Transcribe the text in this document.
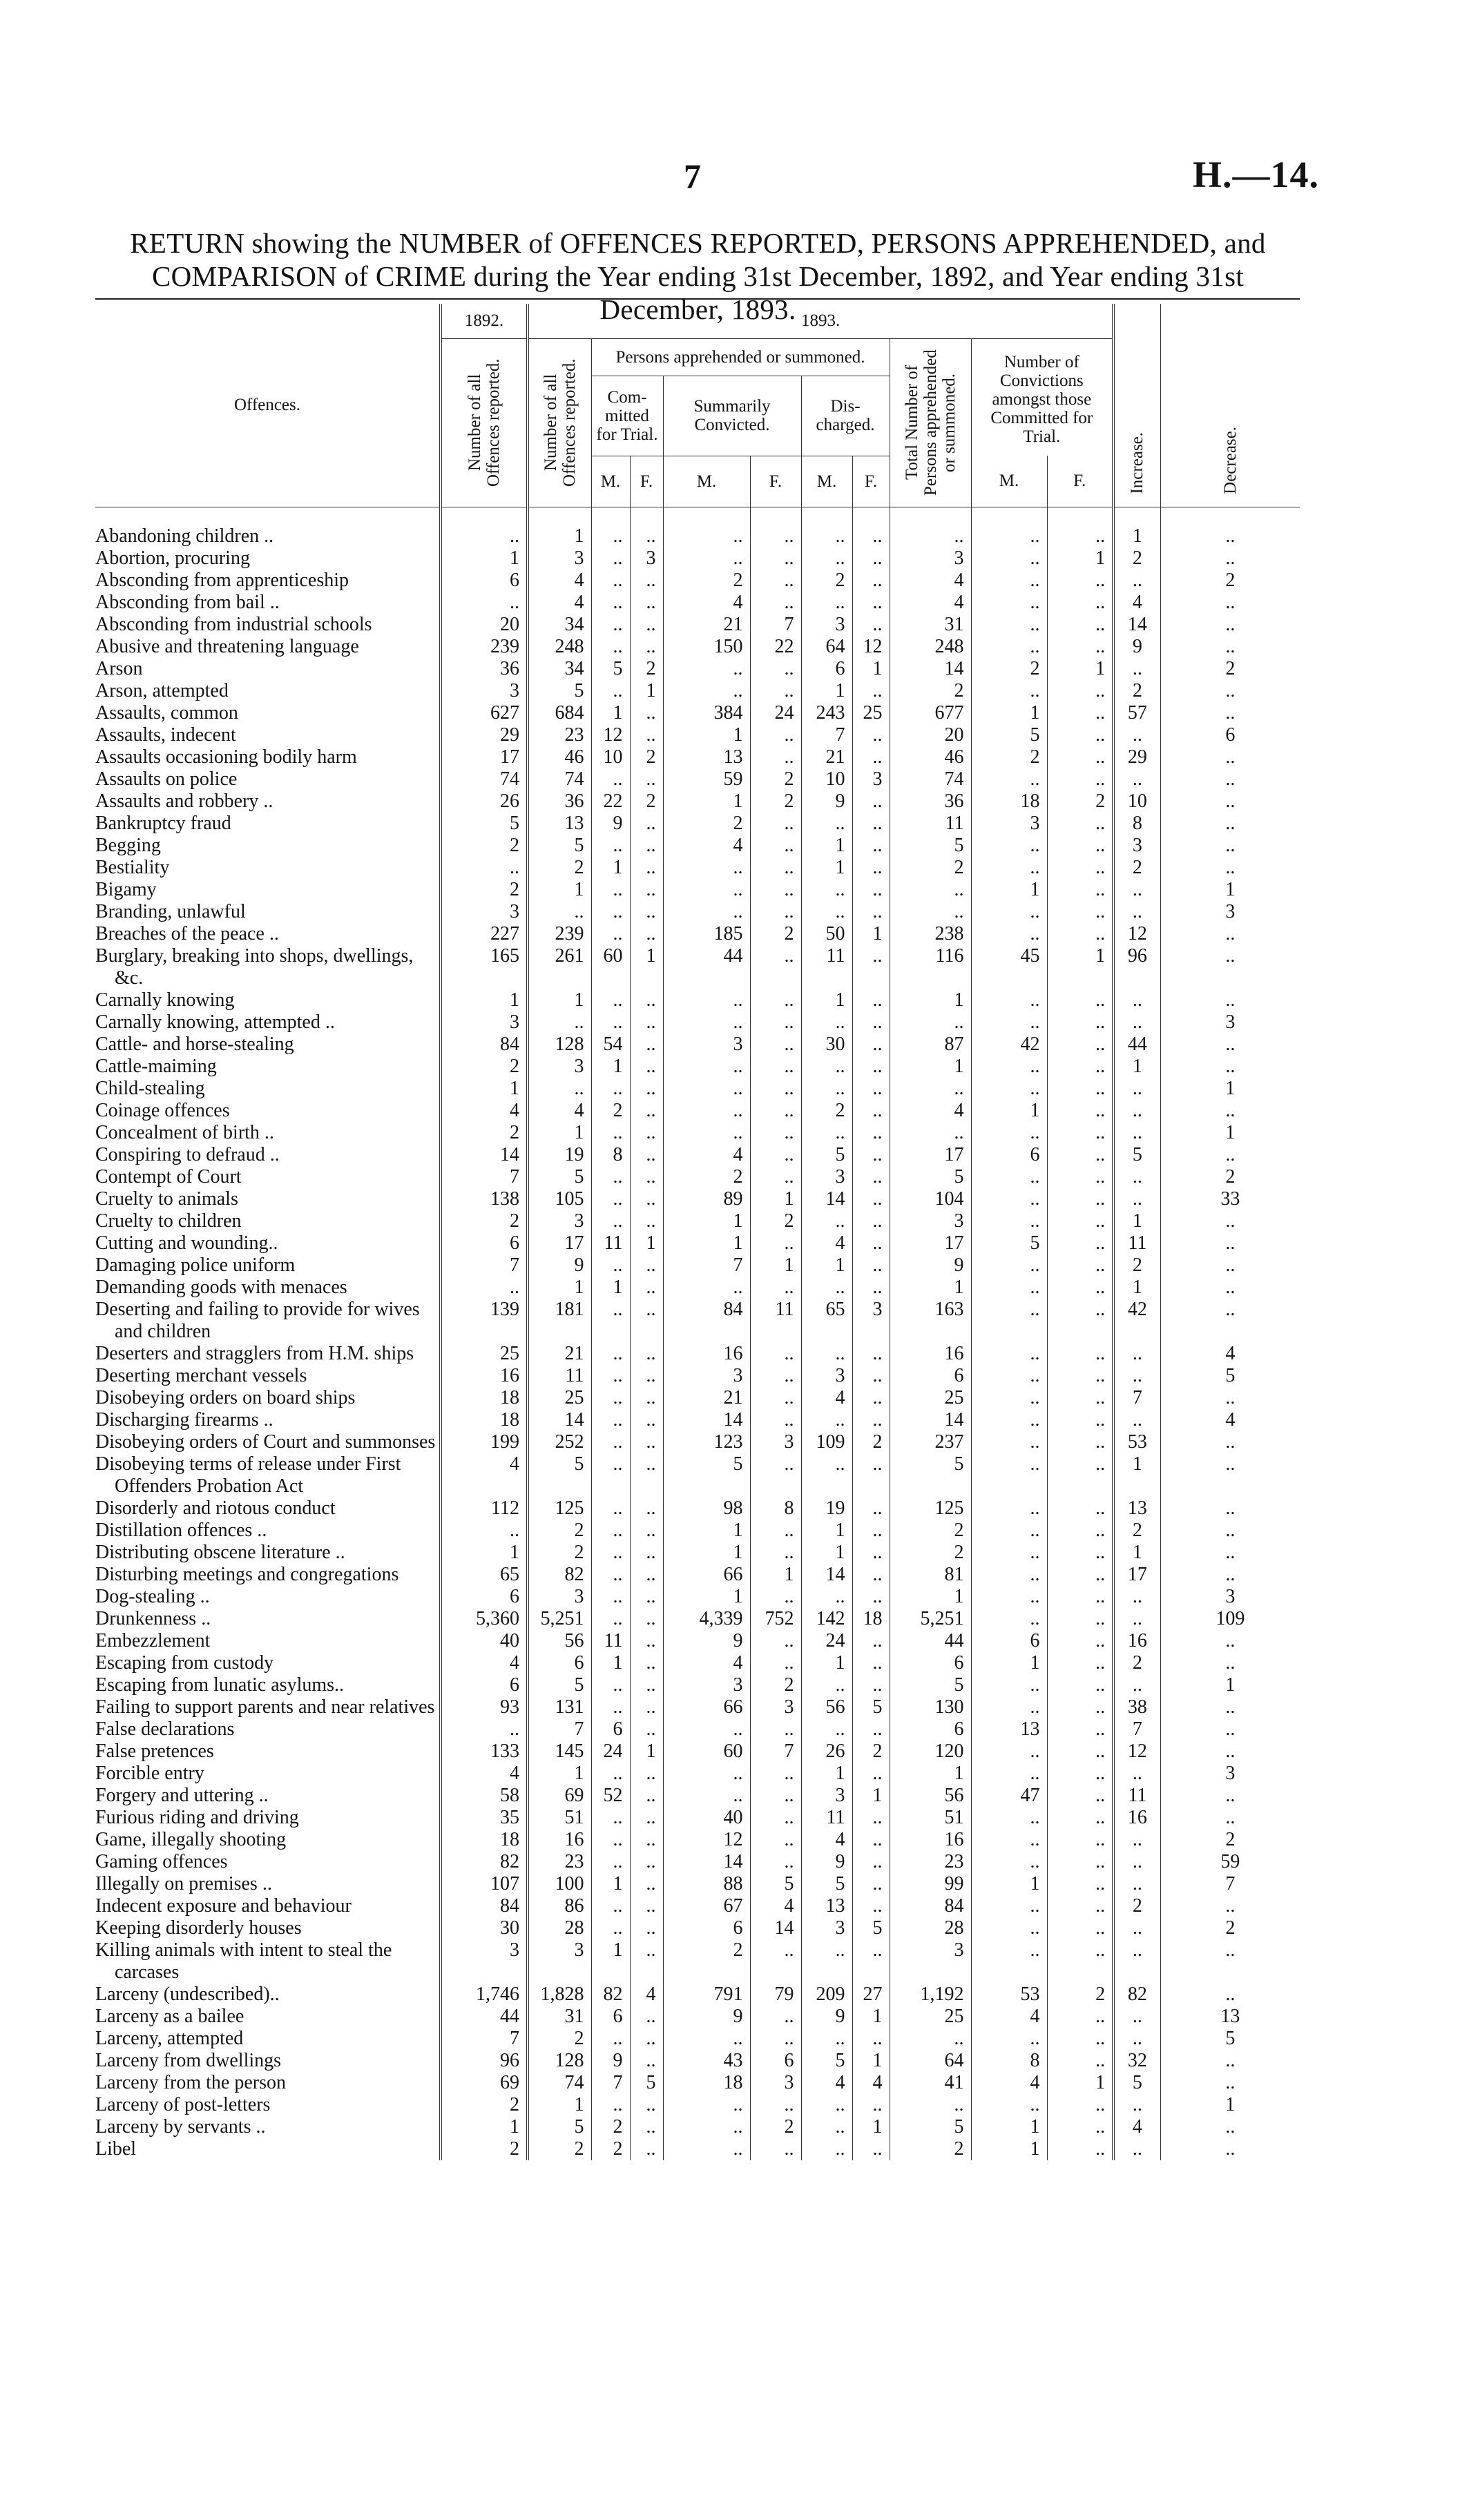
7	H.—14.
RETURN showing the NUMBER of OFFENCES REPORTED, PERSONS APPREHENDED, and COMPARISON of CRIME during the Year ending 31st December, 1892, and Year ending 31st December, 1893.
Offences.	1892.	1893.										Increase.	Decrease.

	Number of all Offences reported.	Number of all Offences reported.	Persons apprehended or summoned.						Total Number of Persons apprehended or summoned.	Number of Convictions amongst those Committed for Trial.			
			Com- mitted for Trial.		Summarily Convicted.		Dis- charged.						
			M.	F.	M.	F.	M.	F.		M.	F.		

Abandoning children ..	..	1	..	..	..	..	..	..	..	..	..	1	..

Abortion, procuring	1	3	..	3	..	..	..	..	3	..	1	2	..

Absconding from apprenticeship	6	4	..	..	2	..	2	..	4	..	..	..	2

Absconding from bail ..	..	4	..	..	4	..	..	..	4	..	..	4	..

Absconding from industrial schools	20	34	..	..	21	7	3	..	31	..	..	14	..

Abusive and threatening language	239	248	..	..	150	22	64	12	248	..	..	9	..

Arson	36	34	5	2	..	..	6	1	14	2	1	..	2

Arson, attempted	3	5	..	1	..	..	1	..	2	..	..	2	..

Assaults, common	627	684	1	..	384	24	243	25	677	1	..	57	..

Assaults, indecent	29	23	12	..	1	..	7	..	20	5	..	..	6

Assaults occasioning bodily harm	17	46	10	2	13	..	21	..	46	2	..	29	..

Assaults on police	74	74	..	..	59	2	10	3	74	..	..	..	..

Assaults and robbery ..	26	36	22	2	1	2	9	..	36	18	2	10	..

Bankruptcy fraud	5	13	9	..	2	..	..	..	11	3	..	8	..

Begging	2	5	..	..	4	..	1	..	5	..	..	3	..

Bestiality	..	2	1	..	..	..	1	..	2	..	..	2	..

Bigamy	2	1	..	..	..	..	..	..	..	1	..	..	1

Branding, unlawful	3	..	..	..	..	..	..	..	..	..	..	..	3

Breaches of the peace ..	227	239	..	..	185	2	50	1	238	..	..	12	..

Burglary, breaking into shops, dwellings, &c.	165	261	60	1	44	..	11	..	116	45	1	96	..

Carnally knowing	1	1	..	..	..	..	1	..	1	..	..	..	..

Carnally knowing, attempted ..	3	..	..	..	..	..	..	..	..	..	..	..	3

Cattle- and horse-stealing	84	128	54	..	3	..	30	..	87	42	..	44	..

Cattle-maiming	2	3	1	..	..	..	..	..	1	..	..	1	..

Child-stealing	1	..	..	..	..	..	..	..	..	..	..	..	1

Coinage offences	4	4	2	..	..	..	2	..	4	1	..	..	..

Concealment of birth ..	2	1	..	..	..	..	..	..	..	..	..	..	1

Conspiring to defraud ..	14	19	8	..	4	..	5	..	17	6	..	5	..

Contempt of Court	7	5	..	..	2	..	3	..	5	..	..	..	2

Cruelty to animals	138	105	..	..	89	1	14	..	104	..	..	..	33

Cruelty to children	2	3	..	..	1	2	..	..	3	..	..	1	..

Cutting and wounding..	6	17	11	1	1	..	4	..	17	5	..	11	..

Damaging police uniform	7	9	..	..	7	1	1	..	9	..	..	2	..

Demanding goods with menaces	..	1	1	..	..	..	..	..	1	..	..	1	..

Deserting and failing to provide for wives and children	139	181	..	..	84	11	65	3	163	..	..	42	..

Deserters and stragglers from H.M. ships	25	21	..	..	16	..	..	..	16	..	..	..	4

Deserting merchant vessels	16	11	..	..	3	..	3	..	6	..	..	..	5

Disobeying orders on board ships	18	25	..	..	21	..	4	..	25	..	..	7	..

Discharging firearms ..	18	14	..	..	14	..	..	..	14	..	..	..	4

Disobeying orders of Court and summonses	199	252	..	..	123	3	109	2	237	..	..	53	..

Disobeying terms of release under First Offenders Probation Act	4	5	..	..	5	..	..	..	5	..	..	1	..

Disorderly and riotous conduct	112	125	..	..	98	8	19	..	125	..	..	13	..

Distillation offences ..	..	2	..	..	1	..	1	..	2	..	..	2	..

Distributing obscene literature ..	1	2	..	..	1	..	1	..	2	..	..	1	..

Disturbing meetings and congregations	65	82	..	..	66	1	14	..	81	..	..	17	..

Dog-stealing ..	6	3	..	..	1	..	..	..	1	..	..	..	3

Drunkenness ..	5,360	5,251	..	..	4,339	752	142	18	5,251	..	..	..	109

Embezzlement	40	56	11	..	9	..	24	..	44	6	..	16	..

Escaping from custody	4	6	1	..	4	..	1	..	6	1	..	2	..

Escaping from lunatic asylums..	6	5	..	..	3	2	..	..	5	..	..	..	1

Failing to support parents and near relatives	93	131	..	..	66	3	56	5	130	..	..	38	..

False declarations	..	7	6	..	..	..	..	..	6	13	..	7	..

False pretences	133	145	24	1	60	7	26	2	120	..	..	12	..

Forcible entry	4	1	..	..	..	..	1	..	1	..	..	..	3

Forgery and uttering ..	58	69	52	..	..	..	3	1	56	47	..	11	..

Furious riding and driving	35	51	..	..	40	..	11	..	51	..	..	16	..

Game, illegally shooting	18	16	..	..	12	..	4	..	16	..	..	..	2

Gaming offences	82	23	..	..	14	..	9	..	23	..	..	..	59

Illegally on premises ..	107	100	1	..	88	5	5	..	99	1	..	..	7

Indecent exposure and behaviour	84	86	..	..	67	4	13	..	84	..	..	2	..

Keeping disorderly houses	30	28	..	..	6	14	3	5	28	..	..	..	2

Killing animals with intent to steal the carcases	3	3	1	..	2	..	..	..	3	..	..	..	..

Larceny (undescribed)..	1,746	1,828	82	4	791	79	209	27	1,192	53	2	82	..

Larceny as a bailee	44	31	6	..	9	..	9	1	25	4	..	..	13

Larceny, attempted	7	2	..	..	..	..	..	..	..	..	..	..	5

Larceny from dwellings	96	128	9	..	43	6	5	1	64	8	..	32	..

Larceny from the person	69	74	7	5	18	3	4	4	41	4	1	5	..

Larceny of post-letters	2	1	..	..	..	..	..	..	..	..	..	..	1

Larceny by servants ..	1	5	2	..	..	2	..	1	5	1	..	4	..

Libel	2	2	2	..	..	..	..	..	2	1	..	..	..
